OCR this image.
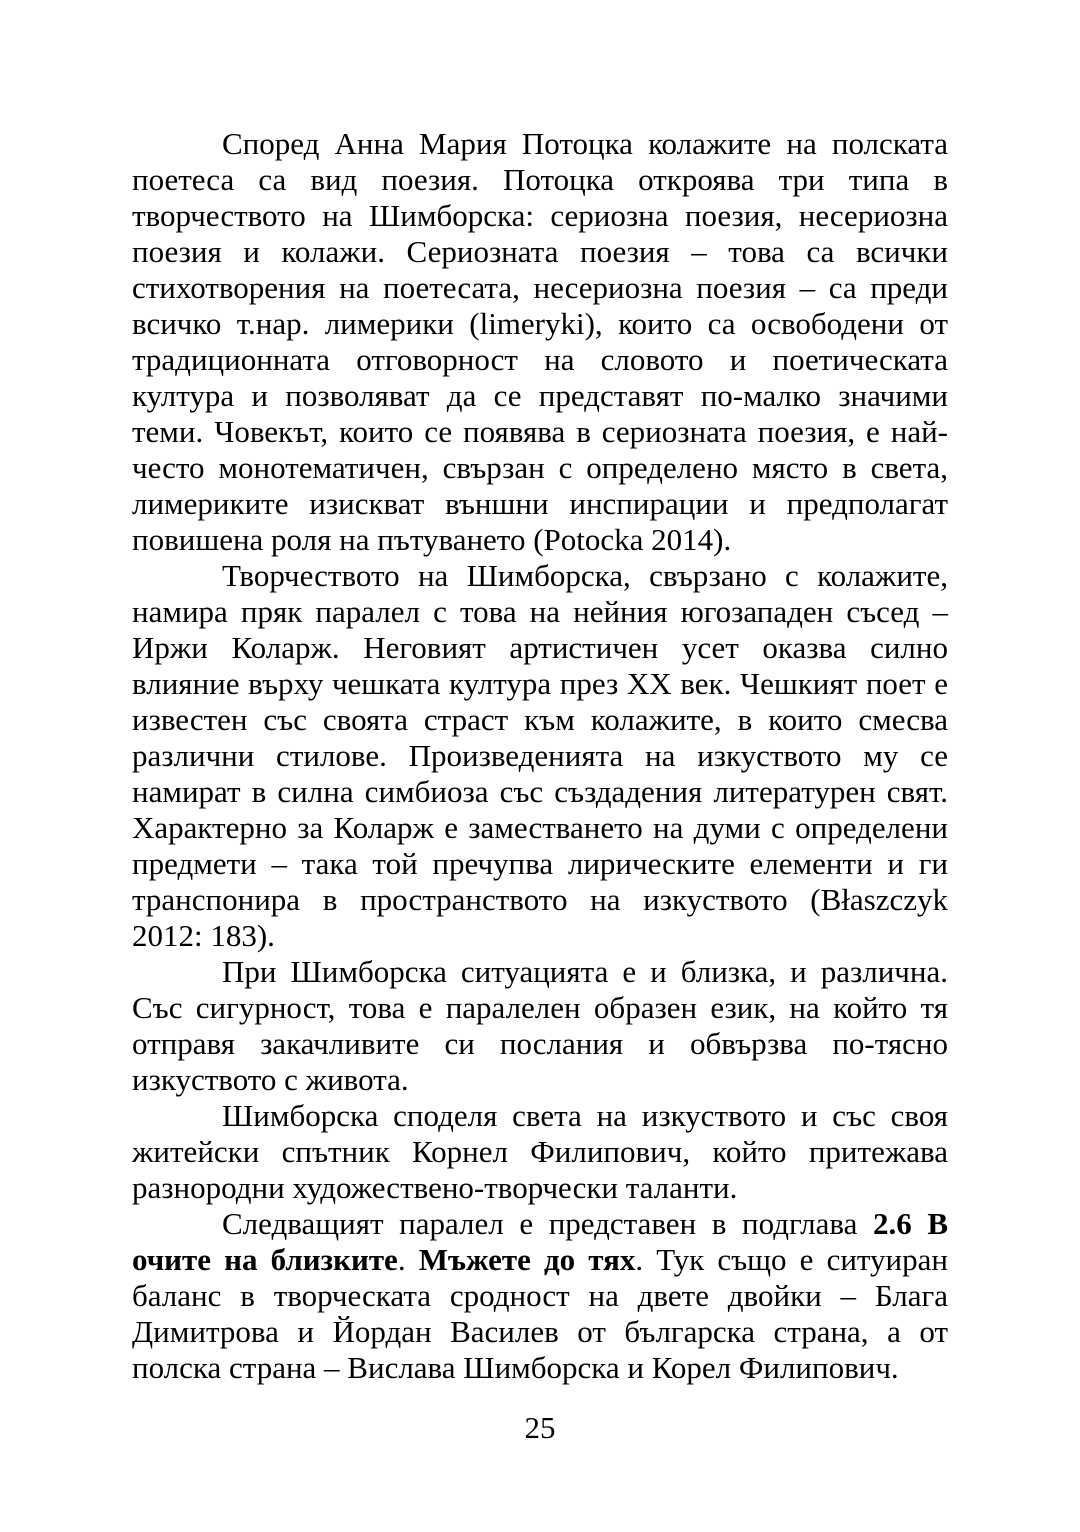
Според Анна Мария Потоцка колажите на полската поетеса са вид поезия. Потоцка откроява три типа в творчеството на Шимборска: сериозна поезия, несериозна поезия и колажи. Сериозната поезия – това са всички стихотворения на поетесата, несериозна поезия – са преди всичко т.нар. лимерики (limeryki), които са освободени от традиционната отговорност на словото и поетическата култура и позволяват да се представят по-малко значими теми. Човекът, които се появява в сериозната поезия, е най-често монотематичен, свързан с определено място в света, лимериките изискват външни инспирации и предполагат повишена роля на пътуването (Potocka 2014).

Творчеството на Шимборска, свързано с колажите, намира пряк паралел с това на нейния югозападен съсед – Иржи Коларж. Неговият артистичен усет оказва силно влияние върху чешката култура през XX век. Чешкият поет е известен със своята страст към колажите, в които смесва различни стилове. Произведенията на изкуството му се намират в силна симбиоза със създадения литературен свят. Характерно за Коларж е заместването на думи с определени предмети – така той пречупва лирическите елементи и ги транспонира в пространството на изкуството (Błaszczyk 2012: 183).

При Шимборска ситуацията е и близка, и различна. Със сигурност, това е паралелен образен език, на който тя отправя закачливите си послания и обвързва по-тясно изкуството с живота.

Шимборска споделя света на изкуството и със своя житейски спътник Корнел Филипович, който притежава разнородни художествено-творчески таланти.

Следващият паралел е представен в подглава 2.6 В очите на близките. Мъжете до тях. Тук също е ситуиран баланс в творческата сродност на двете двойки – Блага Димитрова и Йордан Василев от българска страна, а от полска страна – Вислава Шимборска и Корел Филипович.

25
